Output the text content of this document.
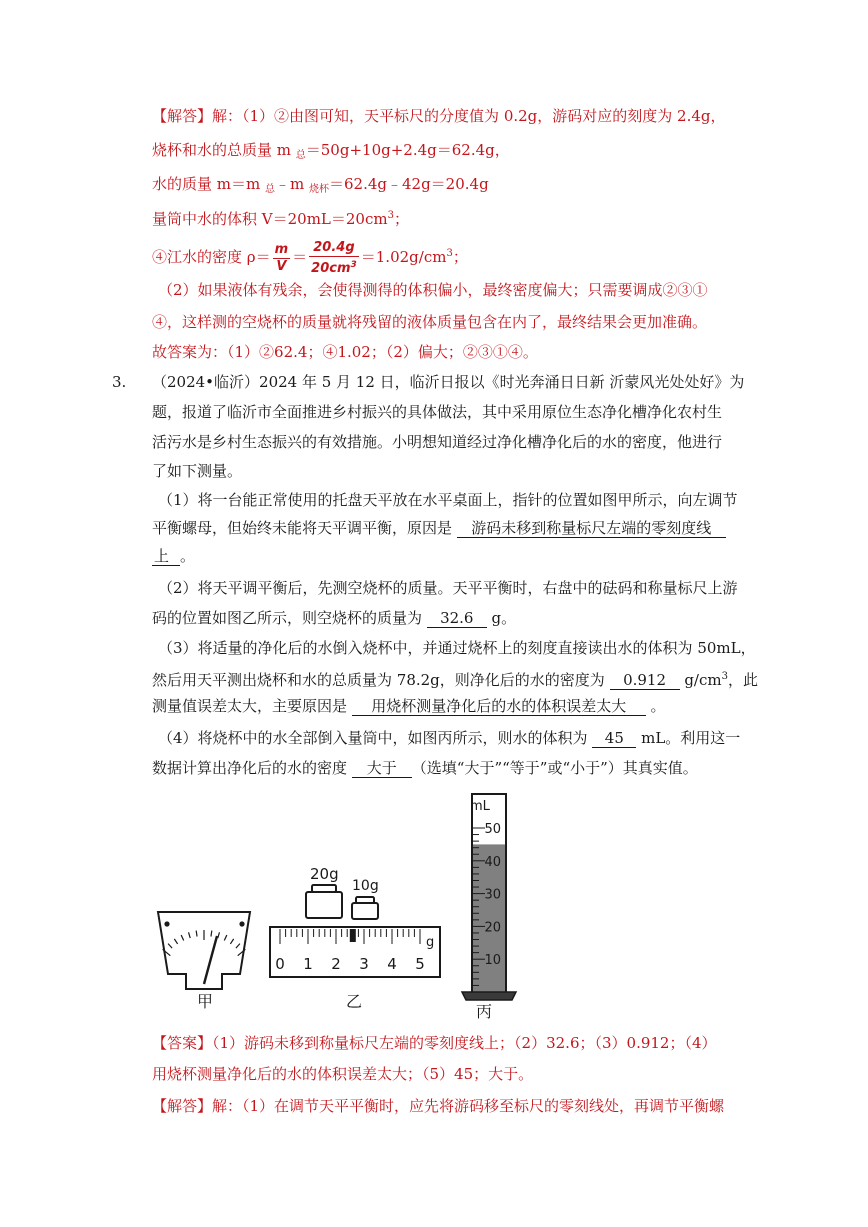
【解答】解：（1）②由图可知，天平标尺的分度值为 0.2g，游码对应的刻度为 2.4g，
烧杯和水的总质量 m $_总$＝50g+10g+2.4g＝62.4g，
水的质量 m＝m $_总$﹣m $_{烧杯}$＝62.4g﹣42g＝20.4g
量筒中水的体积 $V=20mL=20cm^3$；
④江水的密度 $\rho= \frac{m}{V} = \frac{20.4g}{20cm^3} =1.02g/cm^3$；
（2）如果液体有残余，会使得测得的体积偏小，最终密度偏大；只需要调成②③①
④，这样测的空烧杯的质量就将残留的液体质量包含在内了，最终结果会更加准确。
故答案为：（1）②62.4；④1.02；（2）偏大；②③①④。
3. （2024•临沂）2024 年 5 月 12 日，临沂日报以《时光奔涌日日新 沂蒙风光处处好》为
题，报道了临沂市全面推进乡村振兴的具体做法，其中采用原位生态净化槽净化农村生
活污水是乡村生态振兴的有效措施。小明想知道经过净化槽净化后的水的密度，他进行
了如下测量。
（1）将一台能正常使用的托盘天平放在水平桌面上，指针的位置如图甲所示，向左调节
平衡螺母，但始终未能将天平调平衡，原因是 游码未移到称量标尺左端的零刻度线
上 。
（2）将天平调平衡后，先测空烧杯的质量。天平平衡时，右盘中的砝码和称量标尺上游
码的位置如图乙所示，则空烧杯的质量为 32.6 g。
（3）将适量的净化后的水倒入烧杯中，并通过烧杯上的刻度直接读出水的体积为 50mL，
然后用天平测出烧杯和水的总质量为 78.2g，则净化后的水的密度为 0.912 $g/cm^3$，此
测量值误差太大，主要原因是 用烧杯测量净化后的水的体积误差太大 。
（4）将烧杯中的水全部倒入量筒中，如图丙所示，则水的体积为 45 mL。利用这一
数据计算出净化后的水的密度 大于 （选填“大于”“等于”或“小于”）其真实值。
甲
20g
10g
g
0 1 2 3 4 5
乙
mL
50
40
30
20
10
丙
【答案】（1）游码未移到称量标尺左端的零刻度线上；（2）32.6；（3）0.912；（4）
用烧杯测量净化后的水的体积误差太大；（5）45；大于。
【解答】解：（1）在调节天平平衡时，应先将游码移至标尺的零刻线处，再调节平衡螺
